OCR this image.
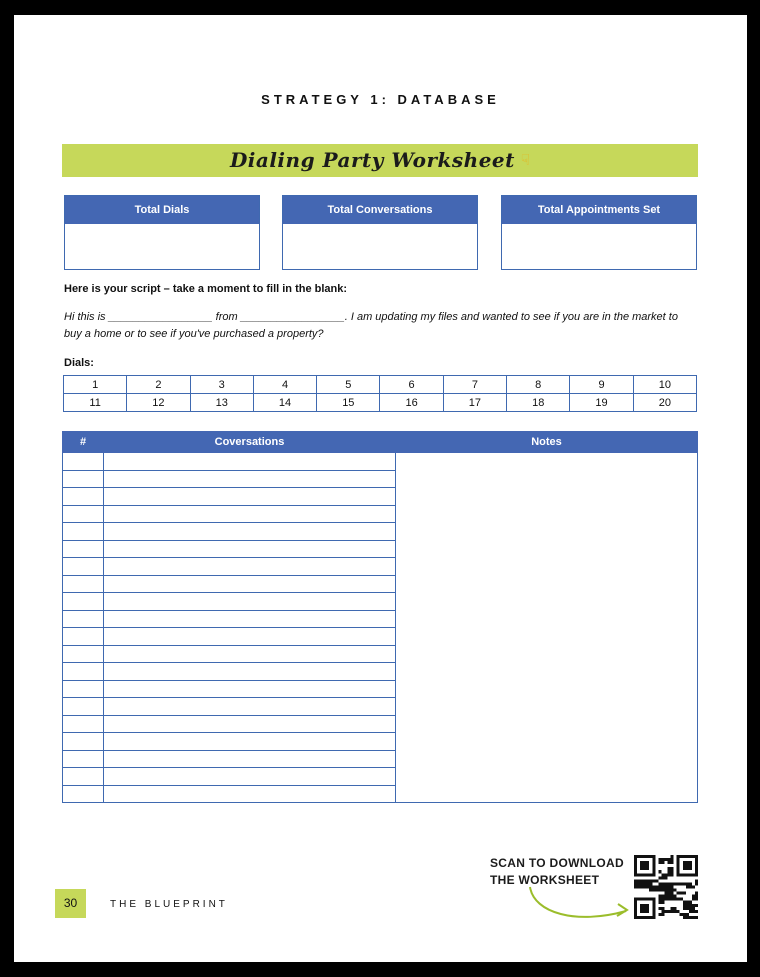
STRATEGY 1: DATABASE
Dialing Party Worksheet ☟
Total Dials	Total Conversations	Total Appointments Set
Here is your script – take a moment to fill in the blank:
Hi this is _________________ from _________________. I am updating my files and wanted to see if you are in the market to buy a home or to see if you've purchased a property?
Dials:
1	2	3	4	5	6	7	8	9	10
11	12	13	14	15	16	17	18	19	20
#	Coversations	Notes

SCAN TO DOWNLOAD
THE WORKSHEET
30	THE BLUEPRINT
